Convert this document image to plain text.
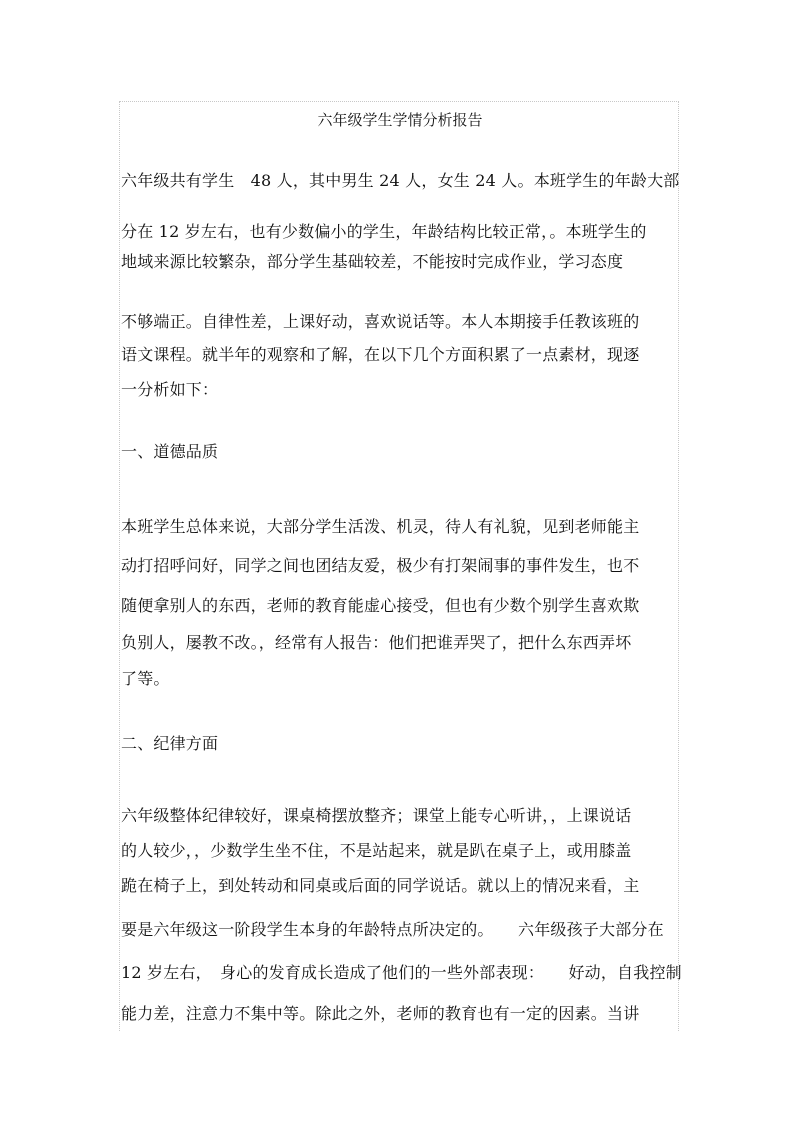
六年级学生学情分析报告
六年级共有学生　48 人，其中男生 24 人，女生 24 人。本班学生的年龄大部
分在 12 岁左右，也有少数偏小的学生，年龄结构比较正常，。本班学生的
地域来源比较繁杂，部分学生基础较差，不能按时完成作业，学习态度
不够端正。自律性差，上课好动，喜欢说话等。本人本期接手任教该班的
语文课程。就半年的观察和了解，在以下几个方面积累了一点素材，现逐
一分析如下：
一、道德品质
本班学生总体来说，大部分学生活泼、机灵，待人有礼貌，见到老师能主
动打招呼问好，同学之间也团结友爱，极少有打架闹事的事件发生，也不
随便拿别人的东西，老师的教育能虚心接受，但也有少数个别学生喜欢欺
负别人，屡教不改。，经常有人报告：他们把谁弄哭了，把什么东西弄坏
了等。
二、纪律方面
六年级整体纪律较好，课桌椅摆放整齐；课堂上能专心听讲，，上课说话
的人较少，，少数学生坐不住，不是站起来，就是趴在桌子上，或用膝盖
跪在椅子上，到处转动和同桌或后面的同学说话。就以上的情况来看，主
要是六年级这一阶段学生本身的年龄特点所决定的。　　六年级孩子大部分在
12 岁左右，　身心的发育成长造成了他们的一些外部表现：　　好动，自我控制
能力差，注意力不集中等。除此之外，老师的教育也有一定的因素。当讲
